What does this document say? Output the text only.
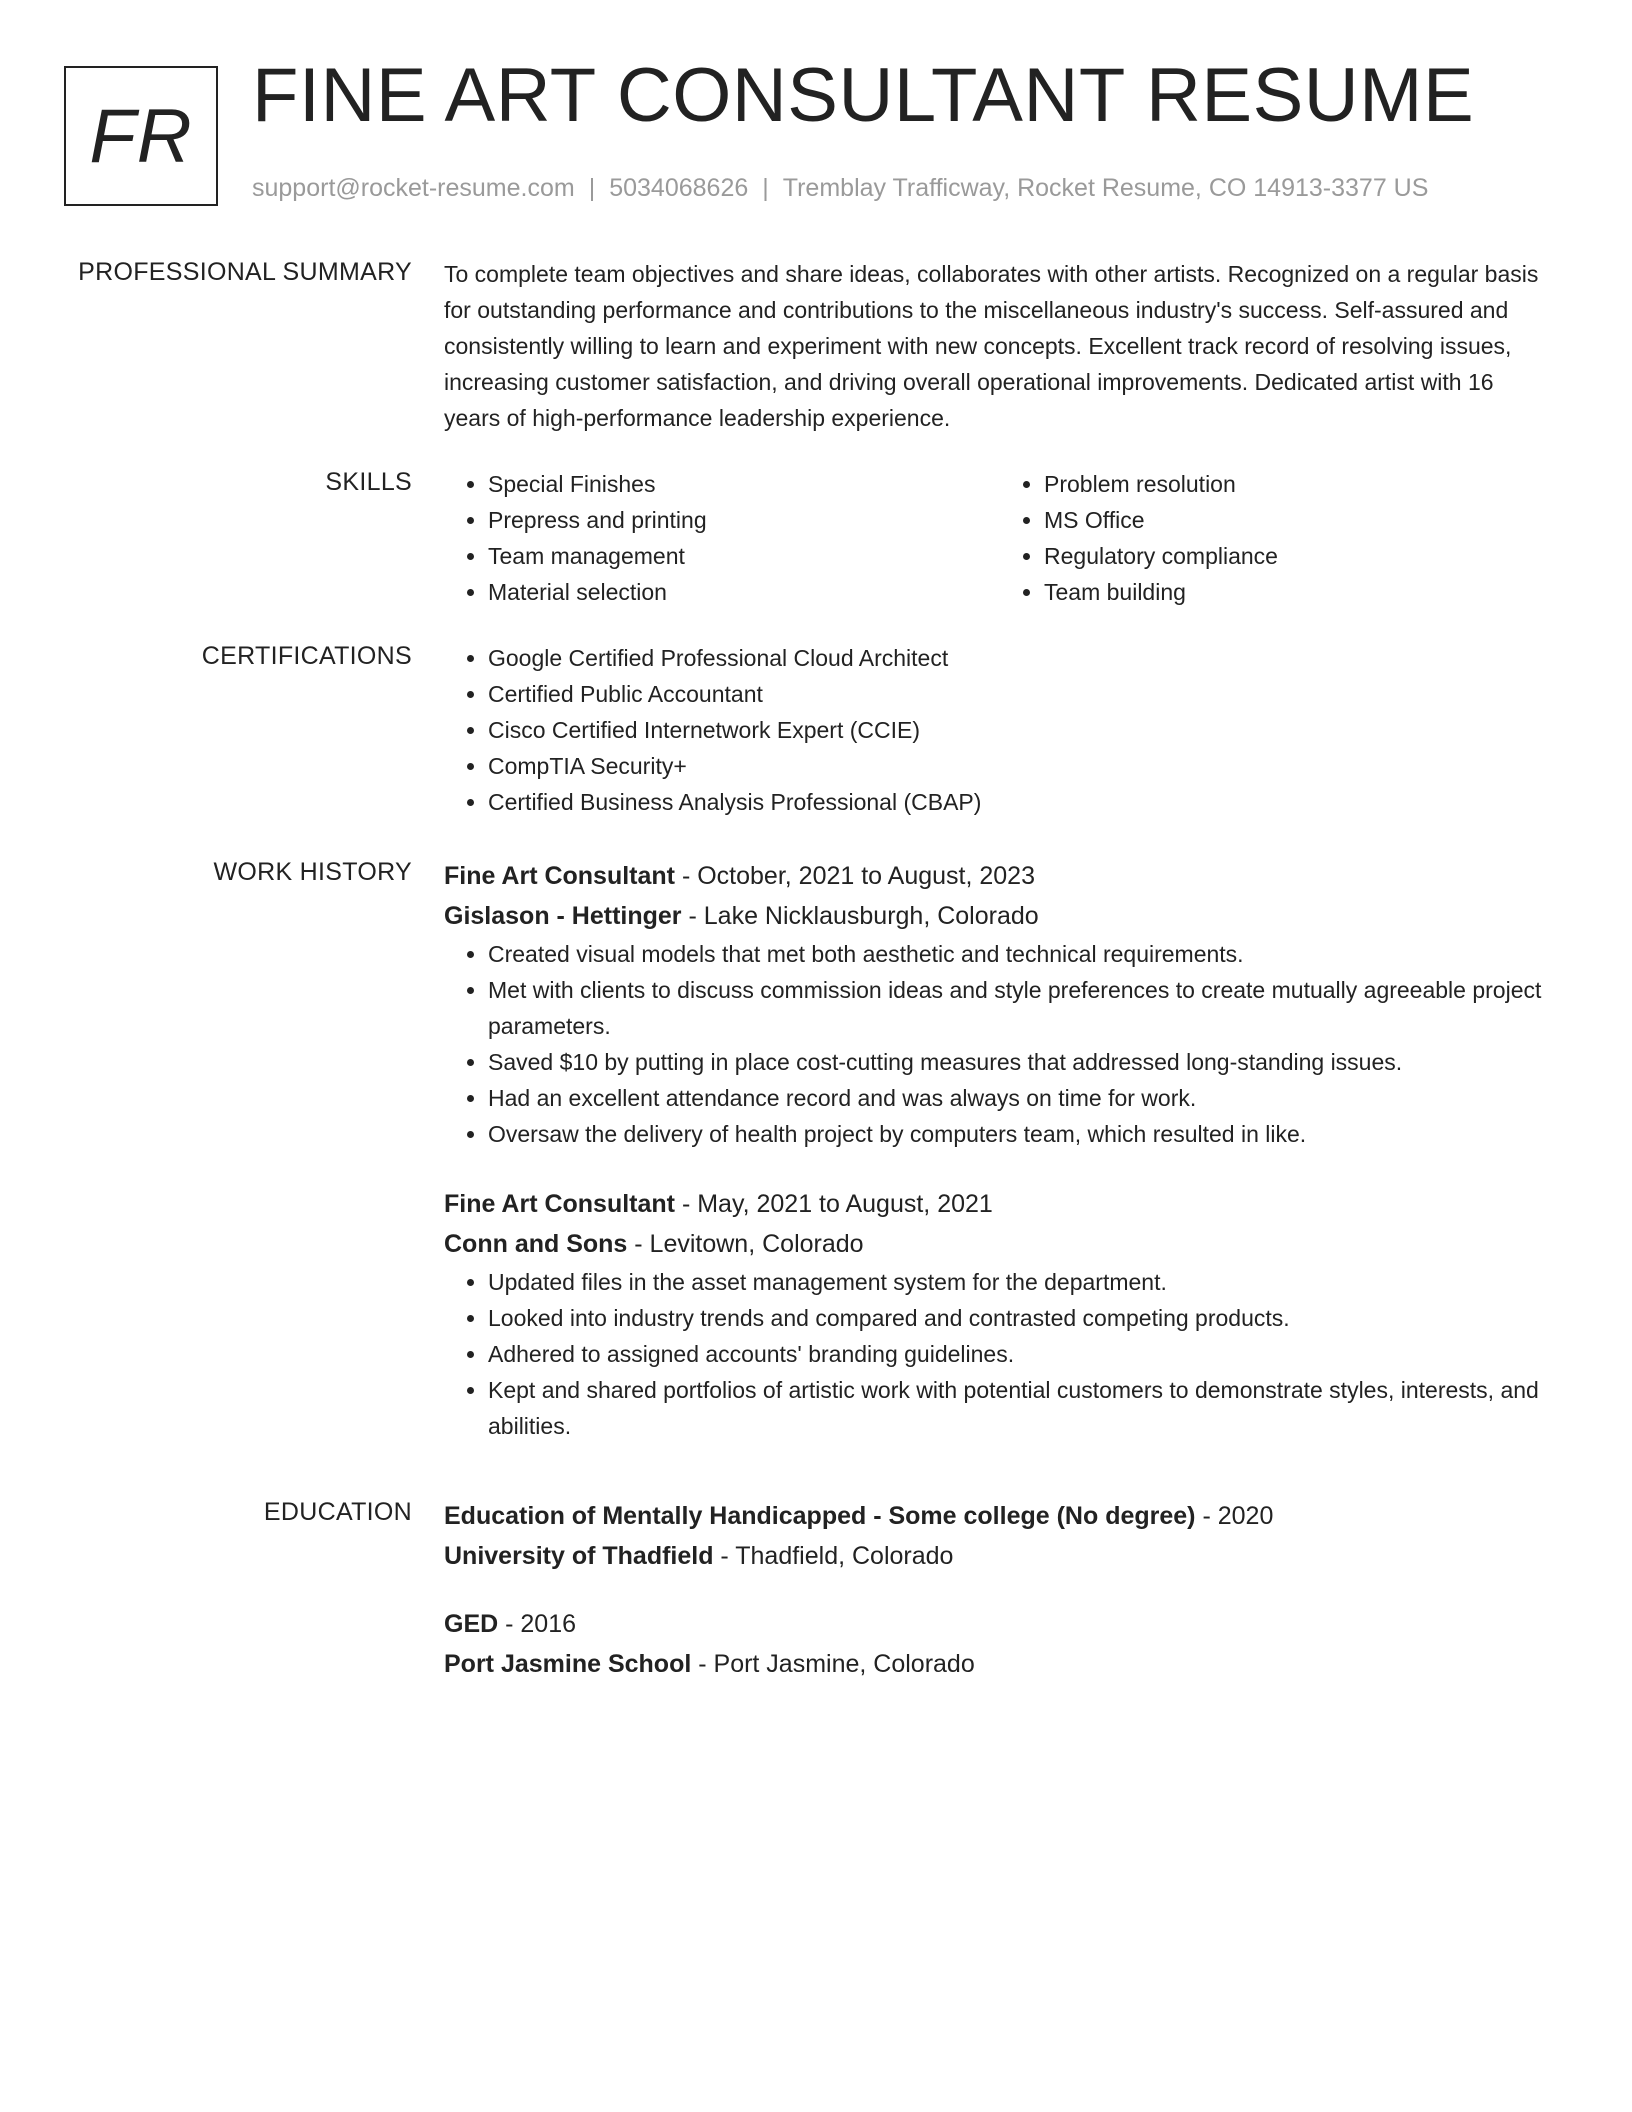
FR FINE ART CONSULTANT RESUME
support@rocket-resume.com | 5034068626 | Tremblay Trafficway, Rocket Resume, CO 14913-3377 US
PROFESSIONAL SUMMARY To complete team objectives and share ideas, collaborates with other artists. Recognized on a regular basis for outstanding performance and contributions to the miscellaneous industry's success. Self-assured and consistently willing to learn and experiment with new concepts. Excellent track record of resolving issues, increasing customer satisfaction, and driving overall operational improvements. Dedicated artist with 16 years of high-performance leadership experience.

SKILLS	• Special Finishes
• Prepress and printing
• Team management
• Material selection
• Problem resolution
• MS Office
• Regulatory compliance
• Team building
CERTIFICATIONS	• Google Certified Professional Cloud Architect
• Certified Public Accountant
• Cisco Certified Internetwork Expert (CCIE)
• CompTIA Security+
• Certified Business Analysis Professional (CBAP)
WORK HISTORY Fine Art Consultant - October, 2021 to August, 2023
Gislason - Hettinger - Lake Nicklausburgh, Colorado
• Created visual models that met both aesthetic and technical requirements.
• Met with clients to discuss commission ideas and style preferences to create mutually agreeable project parameters.
• Saved $10 by putting in place cost-cutting measures that addressed long-standing issues.
• Had an excellent attendance record and was always on time for work.
• Oversaw the delivery of health project by computers team, which resulted in like.
Fine Art Consultant - May, 2021 to August, 2021
Conn and Sons - Levitown, Colorado
• Updated files in the asset management system for the department.
• Looked into industry trends and compared and contrasted competing products.
• Adhered to assigned accounts' branding guidelines.
• Kept and shared portfolios of artistic work with potential customers to demonstrate styles, interests, and abilities.
EDUCATION Education of Mentally Handicapped - Some college (No degree) - 2020
University of Thadfield - Thadfield, Colorado
GED - 2016
Port Jasmine School - Port Jasmine, Colorado
